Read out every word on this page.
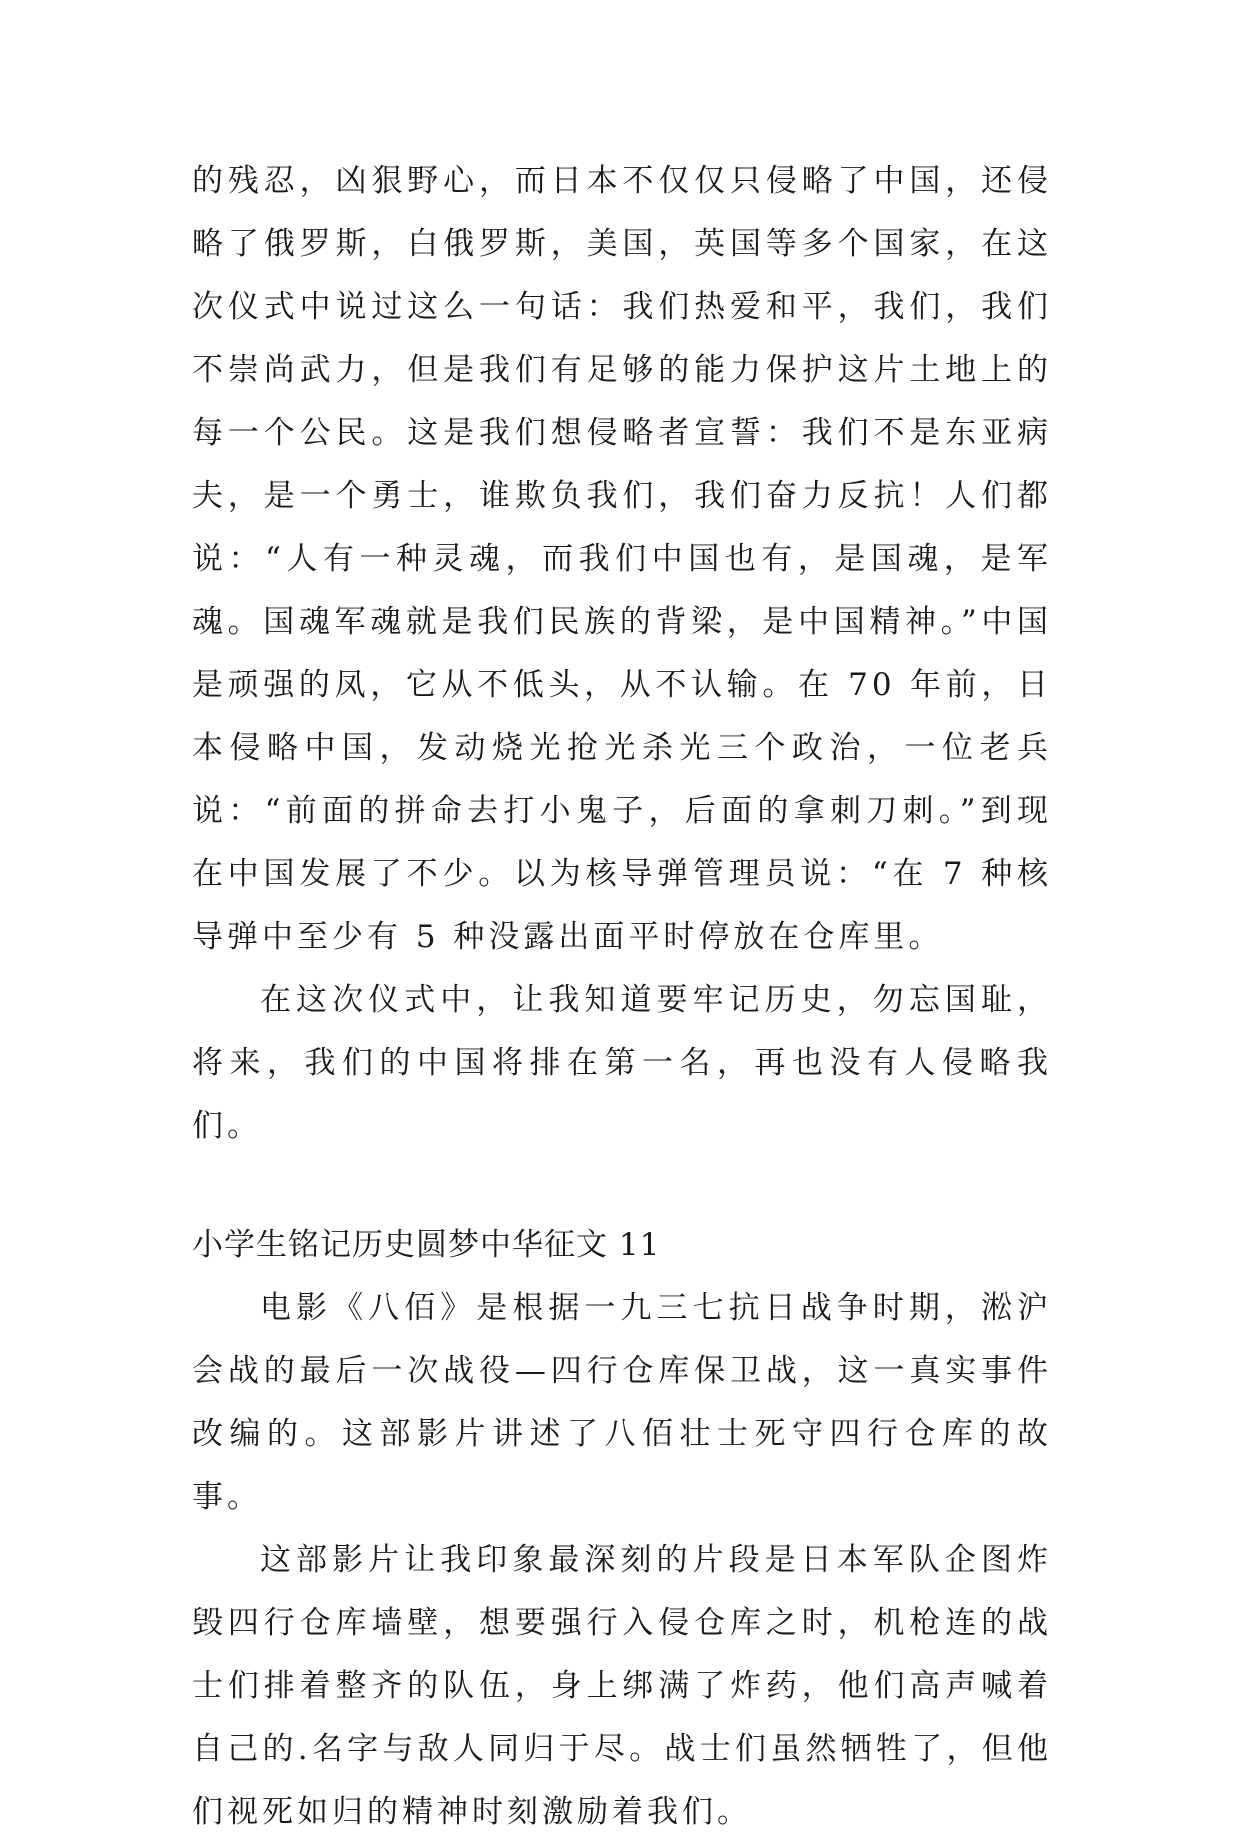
的残忍，凶狠野心，而日本不仅仅只侵略了中国，还侵略了俄罗斯，白俄罗斯，美国，英国等多个国家，在这次仪式中说过这么一句话：我们热爱和平，我们，我们不崇尚武力，但是我们有足够的能力保护这片土地上的每一个公民。这是我们想侵略者宣誓：我们不是东亚病夫，是一个勇士，谁欺负我们，我们奋力反抗！人们都说：“人有一种灵魂，而我们中国也有，是国魂，是军魂。国魂军魂就是我们民族的背梁，是中国精神。”中国是顽强的凤，它从不低头，从不认输。在 70 年前，日本侵略中国，发动烧光抢光杀光三个政治，一位老兵说：“前面的拼命去打小鬼子，后面的拿刺刀刺。”到现在中国发展了不少。以为核导弹管理员说：“在 7 种核导弹中至少有 5 种没露出面平时停放在仓库里。

在这次仪式中，让我知道要牢记历史，勿忘国耻，将来，我们的中国将排在第一名，再也没有人侵略我们。

小学生铭记历史圆梦中华征文 11

电影《八佰》是根据一九三七抗日战争时期，淞沪会战的最后一次战役—四行仓库保卫战，这一真实事件改编的。这部影片讲述了八佰壮士死守四行仓库的故事。

这部影片让我印象最深刻的片段是日本军队企图炸毁四行仓库墙壁，想要强行入侵仓库之时，机枪连的战士们排着整齐的队伍，身上绑满了炸药，他们高声喊着自己的.名字与敌人同归于尽。战士们虽然牺牲了，但他们视死如归的精神时刻激励着我们。
